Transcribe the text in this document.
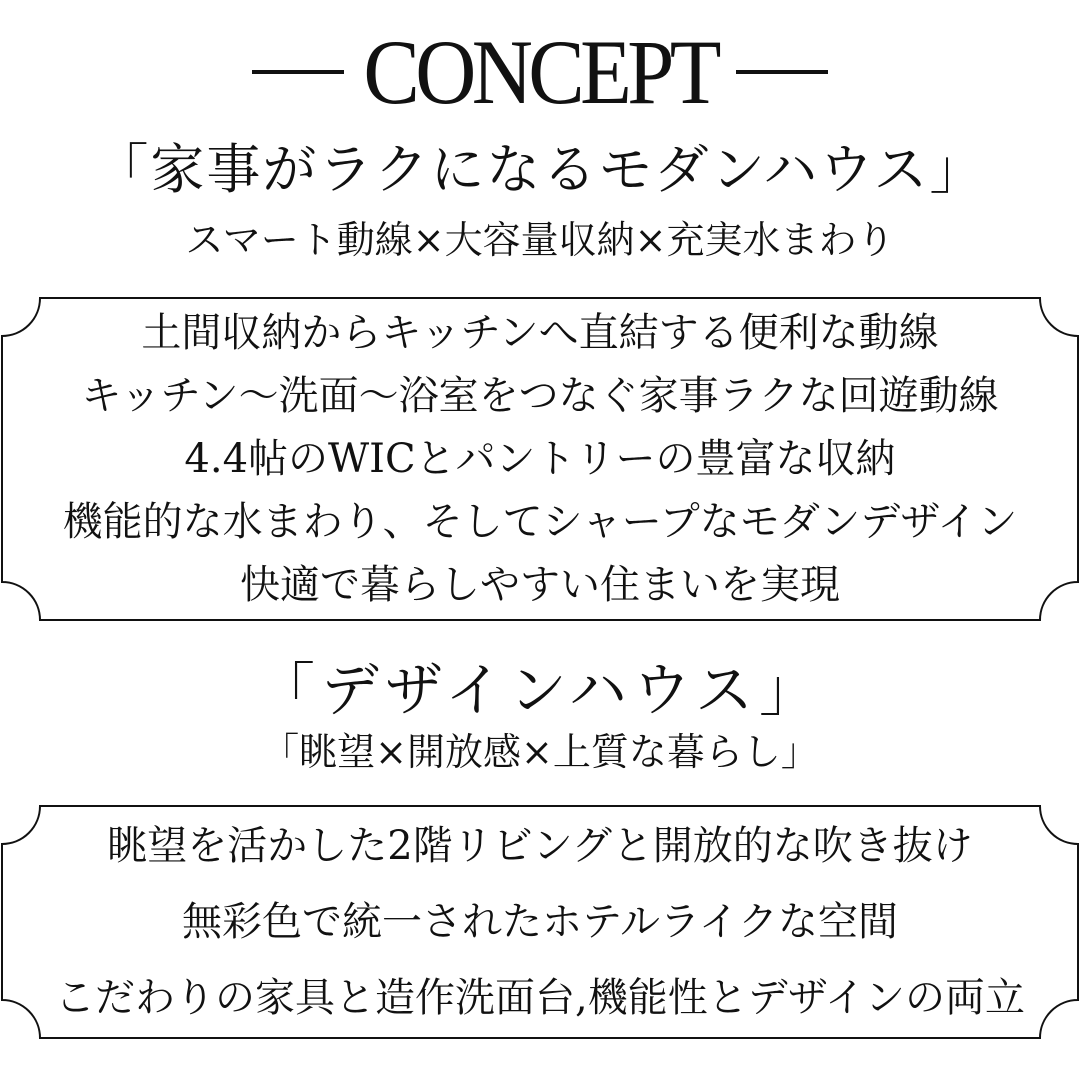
CONCEPT
「家事がラクになるモダンハウス」
スマート動線×大容量収納×充実水まわり
土間収納からキッチンへ直結する便利な動線
キッチン〜洗面〜浴室をつなぐ家事ラクな回遊動線
4.4帖のWICとパントリーの豊富な収納
機能的な水まわり、そしてシャープなモダンデザイン
快適で暮らしやすい住まいを実現
「デザインハウス」
「眺望×開放感×上質な暮らし」
眺望を活かした2階リビングと開放的な吹き抜け
無彩色で統一されたホテルライクな空間
こだわりの家具と造作洗面台,機能性とデザインの両立
